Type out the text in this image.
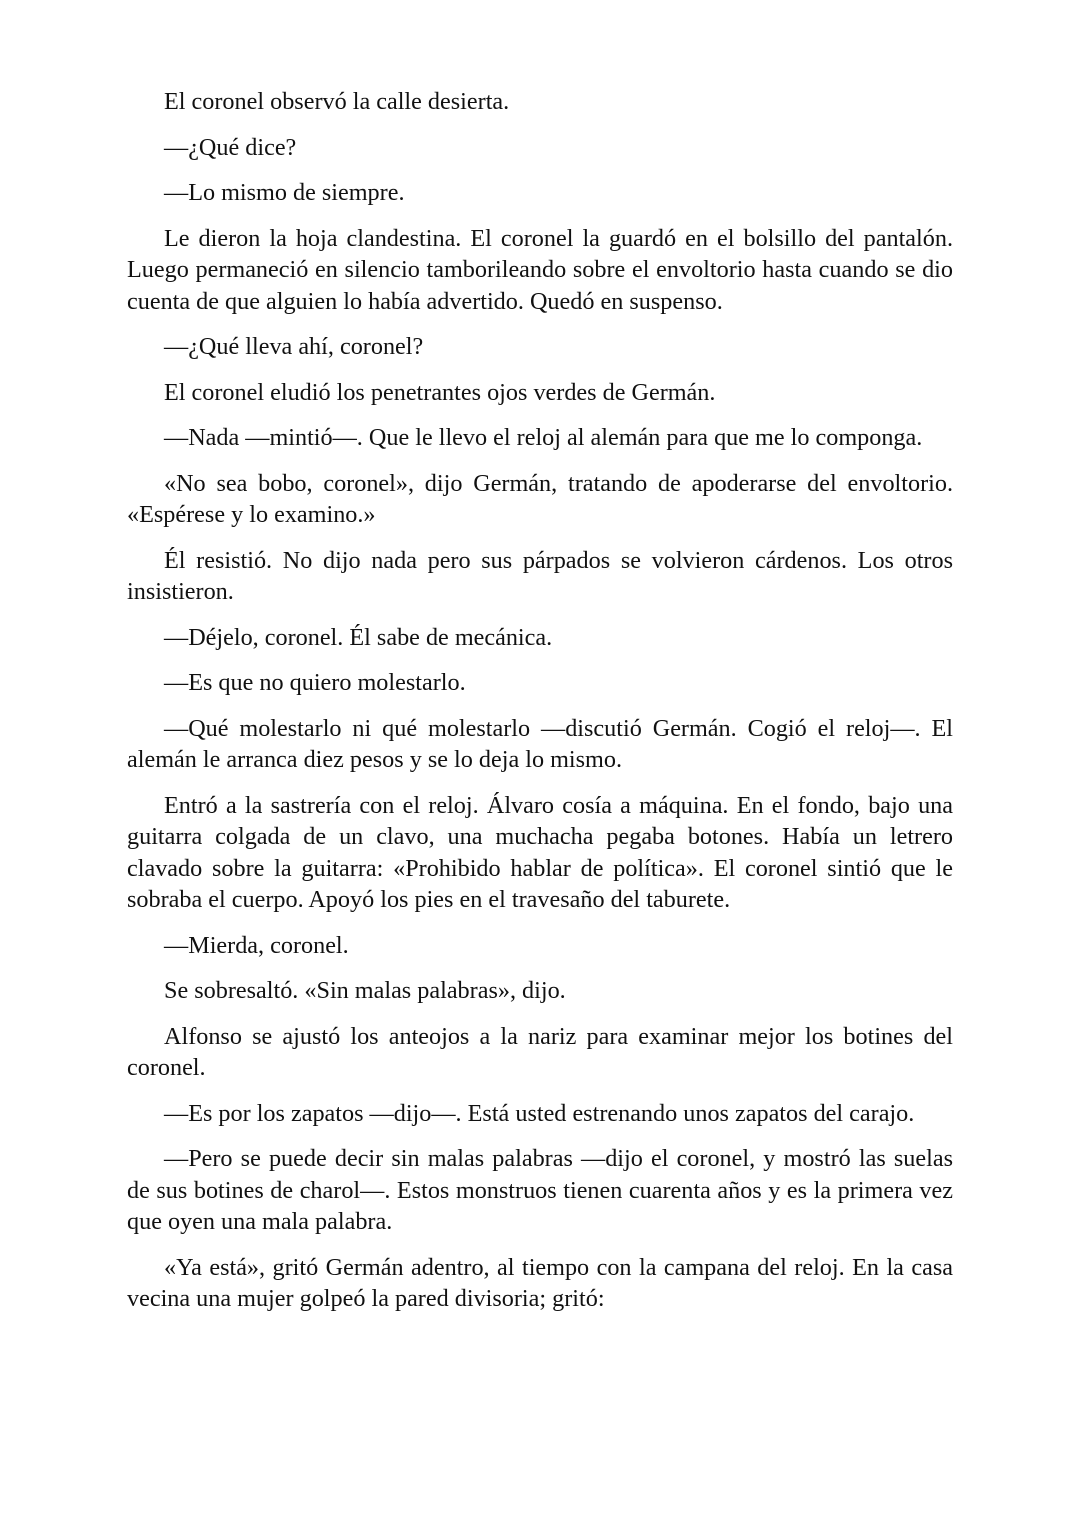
El coronel observó la calle desierta.

—¿Qué dice?

—Lo mismo de siempre.

Le dieron la hoja clandestina. El coronel la guardó en el bolsillo del pantalón. Luego permaneció en silencio tamborileando sobre el envoltorio hasta cuando se dio cuenta de que alguien lo había advertido. Quedó en suspenso.

—¿Qué lleva ahí, coronel?

El coronel eludió los penetrantes ojos verdes de Germán.

—Nada —mintió—. Que le llevo el reloj al alemán para que me lo componga.

«No sea bobo, coronel», dijo Germán, tratando de apoderarse del envoltorio. «Espérese y lo examino.»

Él resistió. No dijo nada pero sus párpados se volvieron cárdenos. Los otros insistieron.

—Déjelo, coronel. Él sabe de mecánica.

—Es que no quiero molestarlo.

—Qué molestarlo ni qué molestarlo —discutió Germán. Cogió el reloj—. El alemán le arranca diez pesos y se lo deja lo mismo.

Entró a la sastrería con el reloj. Álvaro cosía a máquina. En el fondo, bajo una guitarra colgada de un clavo, una muchacha pegaba botones. Había un letrero clavado sobre la guitarra: «Prohibido hablar de política». El coronel sintió que le sobraba el cuerpo. Apoyó los pies en el travesaño del taburete.

—Mierda, coronel.

Se sobresaltó. «Sin malas palabras», dijo.

Alfonso se ajustó los anteojos a la nariz para examinar mejor los botines del coronel.

—Es por los zapatos —dijo—. Está usted estrenando unos zapatos del carajo.

—Pero se puede decir sin malas palabras —dijo el coronel, y mostró las suelas de sus botines de charol—. Estos monstruos tienen cuarenta años y es la primera vez que oyen una mala palabra.

«Ya está», gritó Germán adentro, al tiempo con la campana del reloj. En la casa vecina una mujer golpeó la pared divisoria; gritó:
